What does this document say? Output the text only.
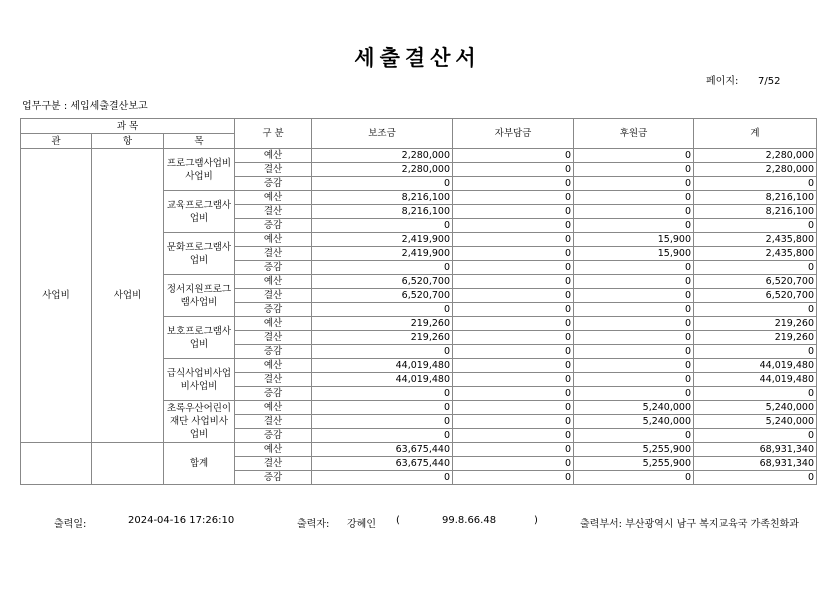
세출결산서
페이지: 7/52
업무구분 : 세입세출결산보고
과 목			구 분	보조금	자부담금	후원금	계
관	항	목					
사업비	사업비	프로그램사업비사업비	예산	2,280,000	0	0	2,280,000
			결산	2,280,000	0	0	2,280,000
			증감	0	0	0	0
		교육프로그램사업비	예산	8,216,100	0	0	8,216,100
			결산	8,216,100	0	0	8,216,100
			증감	0	0	0	0
		문화프로그램사업비	예산	2,419,900	0	15,900	2,435,800
			결산	2,419,900	0	15,900	2,435,800
			증감	0	0	0	0
		정서지원프로그램사업비	예산	6,520,700	0	0	6,520,700
			결산	6,520,700	0	0	6,520,700
			증감	0	0	0	0
		보호프로그램사업비	예산	219,260	0	0	219,260
			결산	219,260	0	0	219,260
			증감	0	0	0	0
		급식사업비사업비사업비	예산	44,019,480	0	0	44,019,480
			결산	44,019,480	0	0	44,019,480
			증감	0	0	0	0
		초록우산어린이재단 사업비사업비	예산	0	0	5,240,000	5,240,000
			결산	0	0	5,240,000	5,240,000
			증감	0	0	0	0
		합계	예산	63,675,440	0	5,255,900	68,931,340
			결산	63,675,440	0	5,255,900	68,931,340
			증감	0	0	0	0
출력일:	2024-04-16 17:26:10	출력자: 강혜인 (	99.8.66.48	)	출력부서: 부산광역시 남구 복지교육국 가족친화과
